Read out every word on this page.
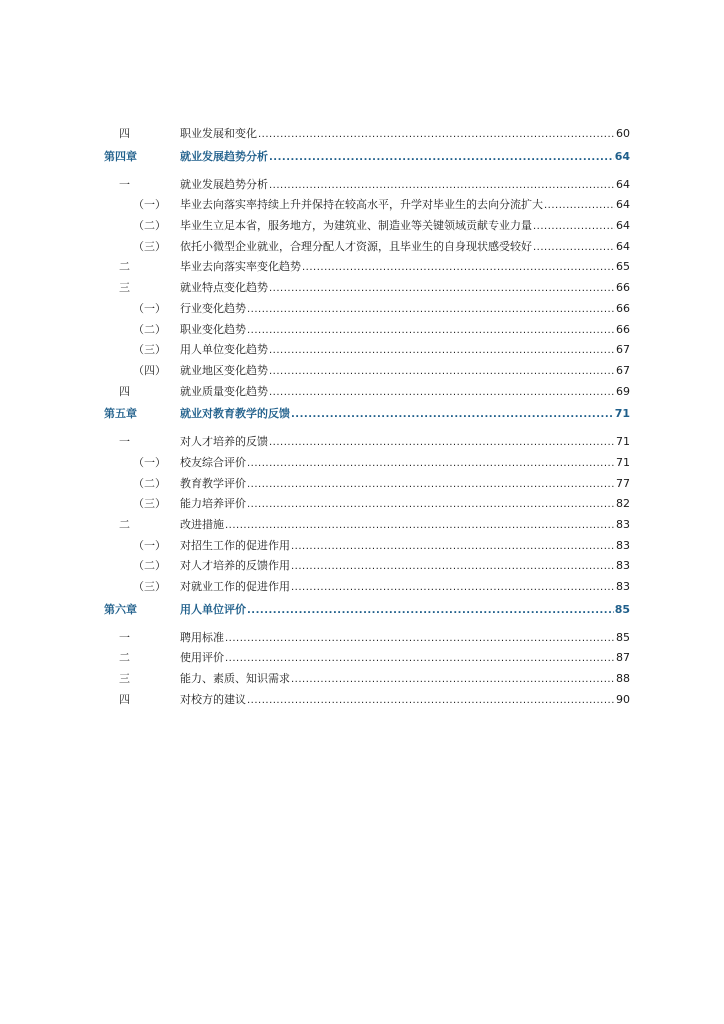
四	职业发展和变化 .....	60
第四章	就业发展趋势分析 .....	64
一	就业发展趋势分析 .....	64
（一） 毕业去向落实率持续上升并保持在较高水平，升学对毕业生的去向分流扩大 .....	64
（二） 毕业生立足本省，服务地方，为建筑业、制造业等关键领域贡献专业力量 .....	64
（三） 依托小微型企业就业，合理分配人才资源，且毕业生的自身现状感受较好 .....	64
二	毕业去向落实率变化趋势 .....	65
三	就业特点变化趋势 .....	66
（一） 行业变化趋势 .....	66
（二） 职业变化趋势 .....	66
（三） 用人单位变化趋势 .....	67
（四） 就业地区变化趋势 .....	67
四	就业质量变化趋势 .....	69
第五章	就业对教育教学的反馈 .....	71
一	对人才培养的反馈 .....	71
（一） 校友综合评价 .....	71
（二） 教育教学评价 .....	77
（三） 能力培养评价 .....	82
二	改进措施 .....	83
（一） 对招生工作的促进作用 .....	83
（二） 对人才培养的反馈作用 .....	83
（三） 对就业工作的促进作用 .....	83
第六章	用人单位评价 .....	85
一	聘用标准 .....	85
二	使用评价 .....	87
三	能力、素质、知识需求 .....	88
四	对校方的建议 .....	90
